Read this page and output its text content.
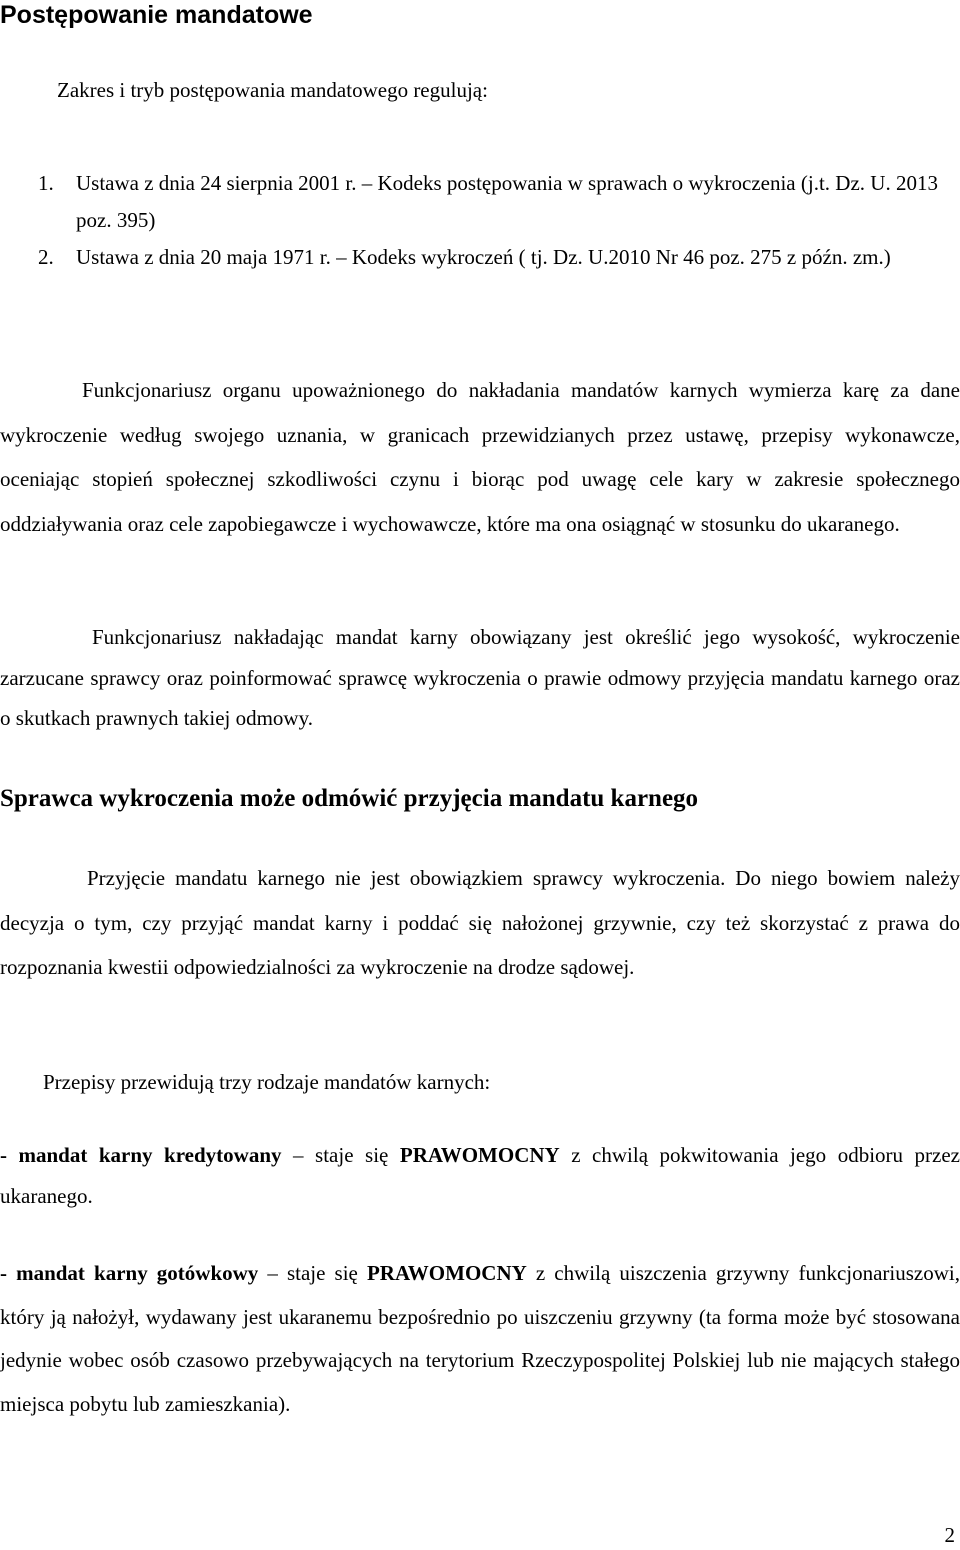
Postępowanie mandatowe
Zakres i tryb postępowania mandatowego regulują:
1. Ustawa z dnia 24 sierpnia 2001 r. – Kodeks postępowania w sprawach o wykroczenia (j.t. Dz. U. 2013 poz. 395)
2. Ustawa z dnia 20 maja 1971 r. – Kodeks wykroczeń ( tj. Dz. U.2010 Nr 46 poz. 275 z późn. zm.)
Funkcjonariusz organu upoważnionego do nakładania mandatów karnych wymierza karę za dane wykroczenie według swojego uznania, w granicach przewidzianych przez ustawę, przepisy wykonawcze, oceniając stopień społecznej szkodliwości czynu i biorąc pod uwagę cele kary w zakresie społecznego oddziaływania oraz cele zapobiegawcze i wychowawcze, które ma ona osiągnąć w stosunku do ukaranego.
Funkcjonariusz nakładając mandat karny obowiązany jest określić jego wysokość, wykroczenie zarzucane sprawcy oraz poinformować sprawcę wykroczenia o prawie odmowy przyjęcia mandatu karnego oraz o skutkach prawnych takiej odmowy.
Sprawca wykroczenia może odmówić przyjęcia mandatu karnego
Przyjęcie mandatu karnego nie jest obowiązkiem sprawcy wykroczenia. Do niego bowiem należy decyzja o tym, czy przyjąć mandat karny i poddać się nałożonej grzywnie, czy też skorzystać z prawa do rozpoznania kwestii odpowiedzialności za wykroczenie na drodze sądowej.
Przepisy przewidują trzy rodzaje mandatów karnych:
- mandat karny kredytowany – staje się PRAWOMOCNY z chwilą pokwitowania jego odbioru przez ukaranego.
- mandat karny gotówkowy – staje się PRAWOMOCNY z chwilą uiszczenia grzywny funkcjonariuszowi, który ją nałożył, wydawany jest ukaranemu bezpośrednio po uiszczeniu grzywny (ta forma może być stosowana jedynie wobec osób czasowo przebywających na terytorium Rzeczypospolitej Polskiej lub nie mających stałego miejsca pobytu lub zamieszkania).
2
